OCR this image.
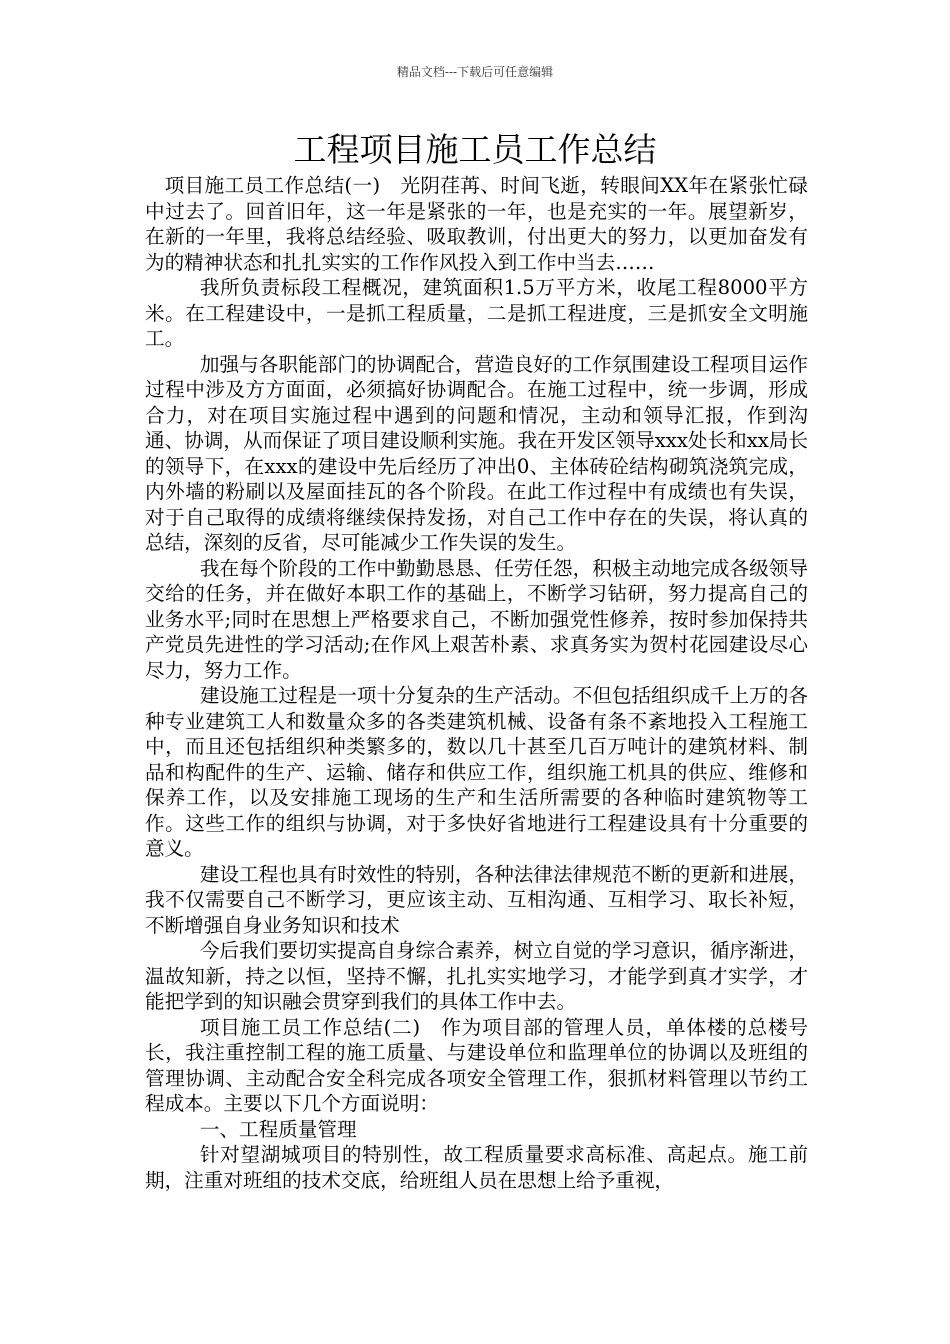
精品文档---下载后可任意编辑
工程项目施工员工作总结

项目施工员工作总结(一)　光阴荏苒、时间飞逝，转眼间XX年在紧张忙碌中过去了。回首旧年，这一年是紧张的一年，也是充实的一年。展望新岁，在新的一年里，我将总结经验、吸取教训，付出更大的努力，以更加奋发有为的精神状态和扎扎实实的工作作风投入到工作中当去……

我所负责标段工程概况，建筑面积1.5万平方米，收尾工程8000平方米。在工程建设中，一是抓工程质量，二是抓工程进度，三是抓安全文明施工。

加强与各职能部门的协调配合，营造良好的工作氛围建设工程项目运作过程中涉及方方面面，必须搞好协调配合。在施工过程中，统一步调，形成合力，对在项目实施过程中遇到的问题和情况，主动和领导汇报，作到沟通、协调，从而保证了项目建设顺利实施。我在开发区领导xxx处长和xx局长的领导下，在xxx的建设中先后经历了冲出0、主体砖砼结构砌筑浇筑完成，内外墙的粉刷以及屋面挂瓦的各个阶段。在此工作过程中有成绩也有失误，对于自己取得的成绩将继续保持发扬，对自己工作中存在的失误，将认真的总结，深刻的反省，尽可能减少工作失误的发生。

我在每个阶段的工作中勤勤恳恳、任劳任怨，积极主动地完成各级领导交给的任务，并在做好本职工作的基础上，不断学习钻研，努力提高自己的业务水平;同时在思想上严格要求自己，不断加强党性修养，按时参加保持共产党员先进性的学习活动;在作风上艰苦朴素、求真务实为贺村花园建设尽心尽力，努力工作。

建设施工过程是一项十分复杂的生产活动。不但包括组织成千上万的各种专业建筑工人和数量众多的各类建筑机械、设备有条不紊地投入工程施工中，而且还包括组织种类繁多的，数以几十甚至几百万吨计的建筑材料、制品和构配件的生产、运输、储存和供应工作，组织施工机具的供应、维修和保养工作，以及安排施工现场的生产和生活所需要的各种临时建筑物等工作。这些工作的组织与协调，对于多快好省地进行工程建设具有十分重要的意义。

建设工程也具有时效性的特别，各种法律法律规范不断的更新和进展，我不仅需要自己不断学习，更应该主动、互相沟通、互相学习、取长补短，不断增强自身业务知识和技术

今后我们要切实提高自身综合素养，树立自觉的学习意识，循序渐进，温故知新，持之以恒，坚持不懈，扎扎实实地学习，才能学到真才实学，才能把学到的知识融会贯穿到我们的具体工作中去。

项目施工员工作总结(二)　作为项目部的管理人员，单体楼的总楼号长，我注重控制工程的施工质量、与建设单位和监理单位的协调以及班组的管理协调、主动配合安全科完成各项安全管理工作，狠抓材料管理以节约工程成本。主要以下几个方面说明：

一、工程质量管理

针对望湖城项目的特别性，故工程质量要求高标准、高起点。施工前期，注重对班组的技术交底，给班组人员在思想上给予重视，
